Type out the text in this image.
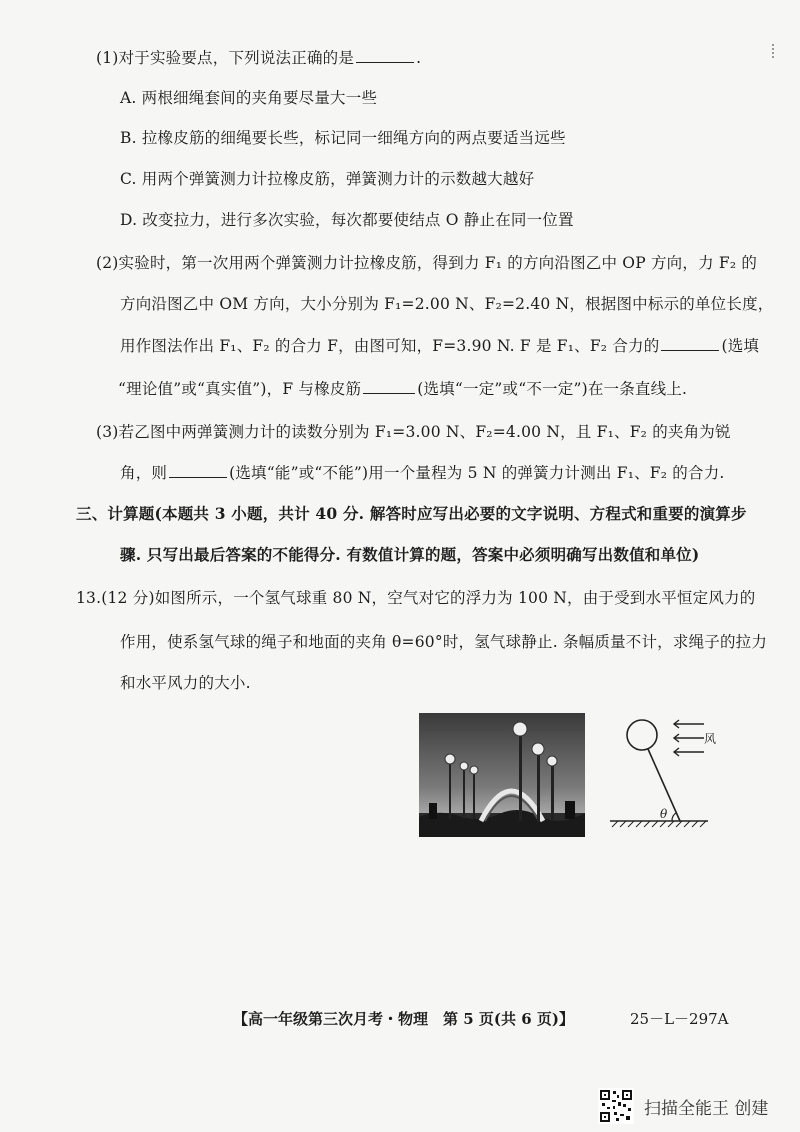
(1)对于实验要点，下列说法正确的是	.
A. 两根细绳套间的夹角要尽量大一些
B. 拉橡皮筋的细绳要长些，标记同一细绳方向的两点要适当远些
C. 用两个弹簧测力计拉橡皮筋，弹簧测力计的示数越大越好
D. 改变拉力，进行多次实验，每次都要使结点 O 静止在同一位置
(2)实验时，第一次用两个弹簧测力计拉橡皮筋，得到力 F₁ 的方向沿图乙中 OP 方向，力 F₂ 的
方向沿图乙中 OM 方向，大小分别为 F₁=2.00 N、F₂=2.40 N，根据图中标示的单位长度，
用作图法作出 F₁、F₂ 的合力 F，由图可知，F=3.90 N. F 是 F₁、F₂ 合力的	(选填
“理论值”或“真实值”)，F 与橡皮筋	(选填“一定”或“不一定”)在一条直线上.
(3)若乙图中两弹簧测力计的读数分别为 F₁=3.00 N、F₂=4.00 N，且 F₁、F₂ 的夹角为锐
角，则	(选填“能”或“不能”)用一个量程为 5 N 的弹簧力计测出 F₁、F₂ 的合力.
三、计算题(本题共 3 小题，共计 40 分. 解答时应写出必要的文字说明、方程式和重要的演算步
骤. 只写出最后答案的不能得分. 有数值计算的题，答案中必须明确写出数值和单位)
13.(12 分)如图所示，一个氢气球重 80 N，空气对它的浮力为 100 N，由于受到水平恒定风力的
作用，使系氢气球的绳子和地面的夹角 θ=60°时，氢气球静止. 条幅质量不计，求绳子的拉力
和水平风力的大小.
风
θ
【高一年级第三次月考・物理　第 5 页(共 6 页)】	25－L－297A
扫描全能王 创建
